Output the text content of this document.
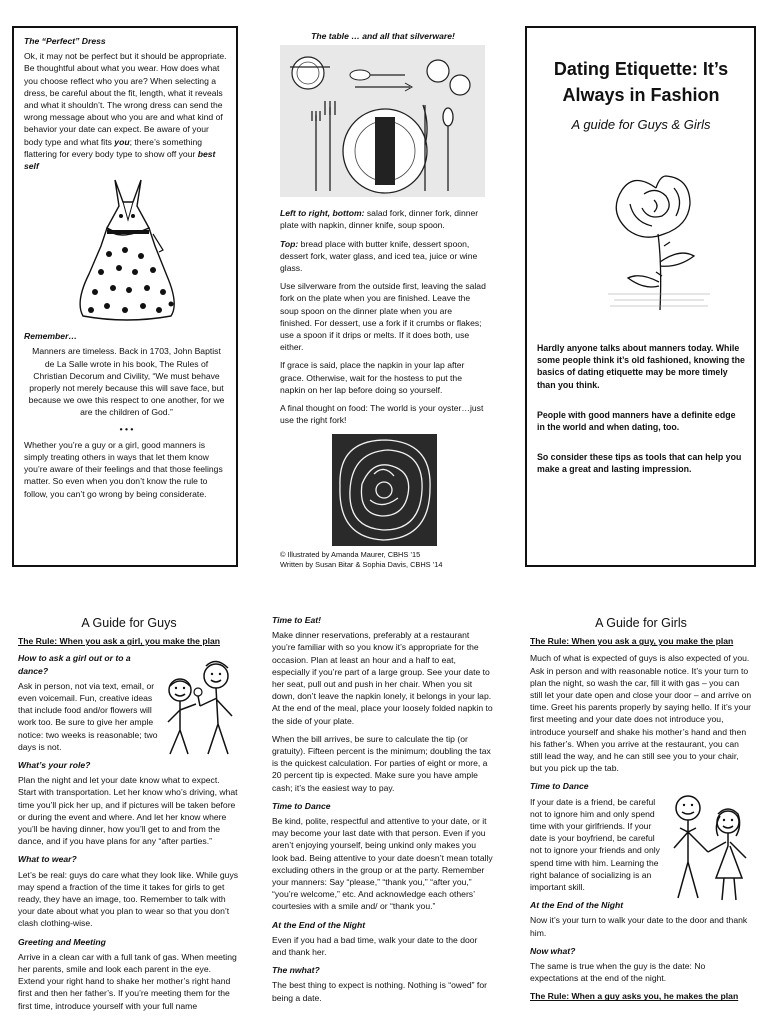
The “Perfect” Dress

Ok, it may not be perfect but it should be appropriate. Be thoughtful about what you wear. How does what you choose reflect who you are? When selecting a dress, be careful about the fit, length, what it reveals and what it shouldn’t. The wrong dress can send the wrong message about who you are and what kind of behavior your date can expect. Be aware of your body type and what fits you; there’s something flattering for every body type to show off your best self

Remember…

Manners are timeless. Back in 1703, John Baptist de La Salle wrote in his book, The Rules of Christian Decorum and Civility, “We must behave properly not merely because this will save face, but because we owe this respect to one another, for we are the children of God.”

• • •

Whether you’re a guy or a girl, good manners is simply treating others in ways that let them know you’re aware of their feelings and that those feelings matter. So even when you don’t know the rule to follow, you can’t go wrong by being considerate.

The table … and all that silverware!

Left to right, bottom: salad fork, dinner fork, dinner plate with napkin, dinner knife, soup spoon.

Top: bread place with butter knife, dessert spoon, dessert fork, water glass, and iced tea, juice or wine glass.

Use silverware from the outside first, leaving the salad fork on the plate when you are finished. Leave the soup spoon on the dinner plate when you are finished. For dessert, use a fork if it crumbs or flakes; use a spoon if it drips or melts. If it does both, use either.

If grace is said, place the napkin in your lap after grace. Otherwise, wait for the hostess to put the napkin on her lap before doing so yourself.

A final thought on food: The world is your oyster…just use the right fork!

© Illustrated by Amanda Maurer, CBHS ’15

Written by Susan Bitar & Sophia Davis, CBHS ’14

Dating Etiquette: It’s Always in Fashion
A guide for Guys & Girls

Hardly anyone talks about manners today. While some people think it’s old fashioned, knowing the basics of dating etiquette may be more timely than you think.

People with good manners have a definite edge in the world and when dating, too.

So consider these tips as tools that can help you make a great and lasting impression.

A Guide for Guys
The Rule: When you ask a girl, you make the plan
How to ask a girl out or to a dance?

Ask in person, not via text, email, or even voicemail. Fun, creative ideas that include food and/or flowers will work too. Be sure to give her ample notice: two weeks is reasonable; two days is not.

What’s your role?

Plan the night and let your date know what to expect. Start with transportation. Let her know who’s driving, what time you’ll pick her up, and if pictures will be taken before or during the event and where. And let her know where you’ll be having dinner, how you’ll get to and from the dance, and if you have plans for any “after parties.”

What to wear?

Let’s be real: guys do care what they look like. While guys may spend a fraction of the time it takes for girls to get ready, they have an image, too. Remember to talk with your date about what you plan to wear so that you don’t clash clothing-wise.

Greeting and Meeting

Arrive in a clean car with a full tank of gas. When meeting her parents, smile and look each parent in the eye. Extend your right hand to shake her mother’s right hand first and then her father’s. If you’re meeting them for the first time, introduce yourself with your full name

Time to Eat!

Make dinner reservations, preferably at a restaurant you’re familiar with so you know it’s appropriate for the occasion. Plan at least an hour and a half to eat, especially if you’re part of a large group. See your date to her seat, pull out and push in her chair. When you sit down, don’t leave the napkin lonely, it belongs in your lap. At the end of the meal, place your loosely folded napkin to the side of your plate.

When the bill arrives, be sure to calculate the tip (or gratuity). Fifteen percent is the minimum; doubling the tax is the quickest calculation. For parties of eight or more, a 20 percent tip is expected. Make sure you have ample cash; it’s the easiest way to pay.

Time to Dance

Be kind, polite, respectful and attentive to your date, or it may become your last date with that person. Even if you aren’t enjoying yourself, being unkind only makes you look bad. Being attentive to your date doesn’t mean totally excluding others in the group or at the party. Remember your manners: Say “please,” “thank you,” “after you,” “you’re welcome,” etc. And acknowledge each others’ courtesies with a smile and/ or “thank you.”

At the End of the Night

Even if you had a bad time, walk your date to the door and thank her.

The nwhat?

The best thing to expect is nothing. Nothing is “owed” for being a date.

A Guide for Girls
The Rule: When you ask a guy, you make the plan

Much of what is expected of guys is also expected of you. Ask in person and with reasonable notice. It’s your turn to plan the night, so wash the car, fill it with gas – you can still let your date open and close your door – and arrive on time. Greet his parents properly by saying hello. If it’s your first meeting and your date does not introduce you, introduce yourself and shake his mother’s hand and then his father’s. When you arrive at the restaurant, you can still lead the way, and he can still see you to your chair, but you pick up the tab.

Time to Dance

If your date is a friend, be careful not to ignore him and only spend time with your girlfriends. If your date is your boyfriend, be careful not to ignore your friends and only spend time with him. Learning the right balance of socializing is an important skill.

At the End of the Night

Now it’s your turn to walk your date to the door and thank him.

Now what?

The same is true when the guy is the date: No expectations at the end of the night.

The Rule: When a guy asks you, he makes the plan
